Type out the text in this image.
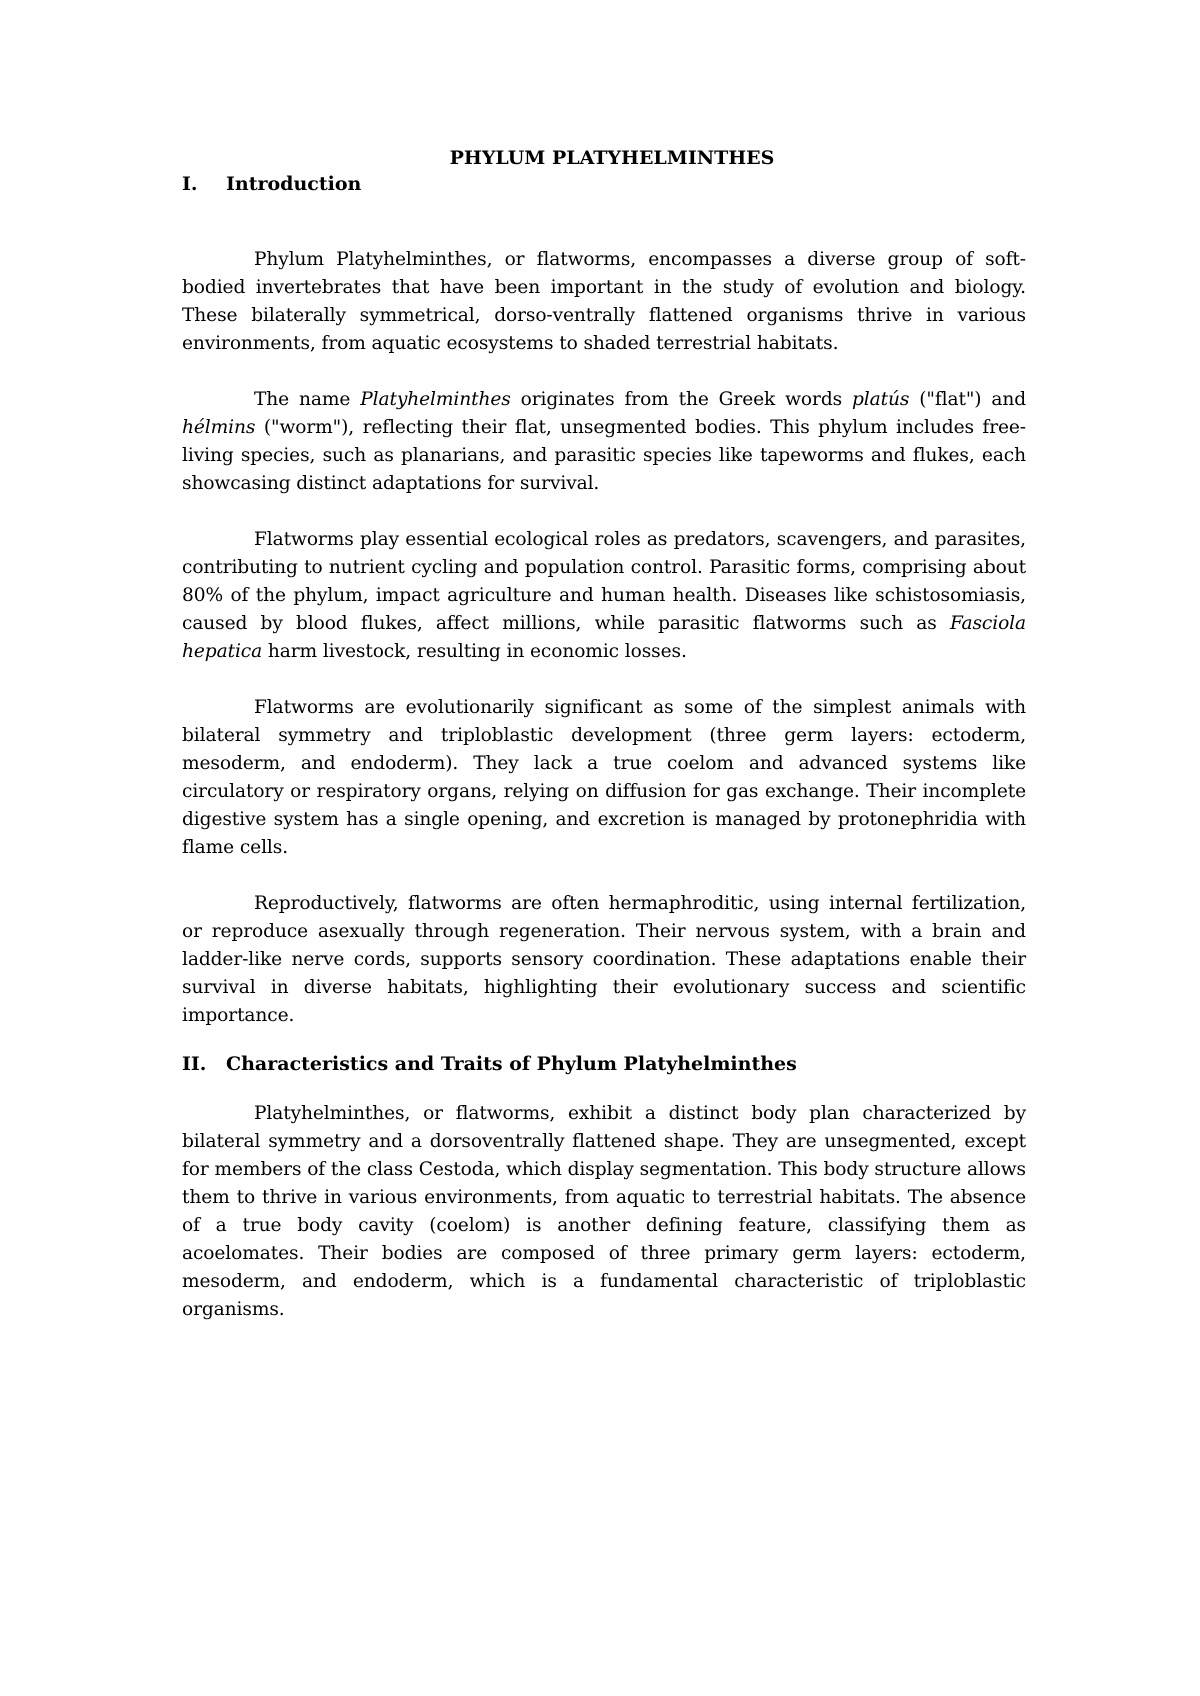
PHYLUM PLATYHELMINTHES
I.	Introduction

Phylum Platyhelminthes, or flatworms, encompasses a diverse group of soft-bodied invertebrates that have been important in the study of evolution and biology. These bilaterally symmetrical, dorso-ventrally flattened organisms thrive in various environments, from aquatic ecosystems to shaded terrestrial habitats.

The name Platyhelminthes originates from the Greek words platús ("flat") and hélmins ("worm"), reflecting their flat, unsegmented bodies. This phylum includes free-living species, such as planarians, and parasitic species like tapeworms and flukes, each showcasing distinct adaptations for survival.

Flatworms play essential ecological roles as predators, scavengers, and parasites, contributing to nutrient cycling and population control. Parasitic forms, comprising about 80% of the phylum, impact agriculture and human health. Diseases like schistosomiasis, caused by blood flukes, affect millions, while parasitic flatworms such as Fasciola hepatica harm livestock, resulting in economic losses.

Flatworms are evolutionarily significant as some of the simplest animals with bilateral symmetry and triploblastic development (three germ layers: ectoderm, mesoderm, and endoderm). They lack a true coelom and advanced systems like circulatory or respiratory organs, relying on diffusion for gas exchange. Their incomplete digestive system has a single opening, and excretion is managed by protonephridia with flame cells.

Reproductively, flatworms are often hermaphroditic, using internal fertilization, or reproduce asexually through regeneration. Their nervous system, with a brain and ladder-like nerve cords, supports sensory coordination. These adaptations enable their survival in diverse habitats, highlighting their evolutionary success and scientific importance.

II.	Characteristics and Traits of Phylum Platyhelminthes

Platyhelminthes, or flatworms, exhibit a distinct body plan characterized by bilateral symmetry and a dorsoventrally flattened shape. They are unsegmented, except for members of the class Cestoda, which display segmentation. This body structure allows them to thrive in various environments, from aquatic to terrestrial habitats. The absence of a true body cavity (coelom) is another defining feature, classifying them as acoelomates. Their bodies are composed of three primary germ layers: ectoderm, mesoderm, and endoderm, which is a fundamental characteristic of triploblastic organisms.
